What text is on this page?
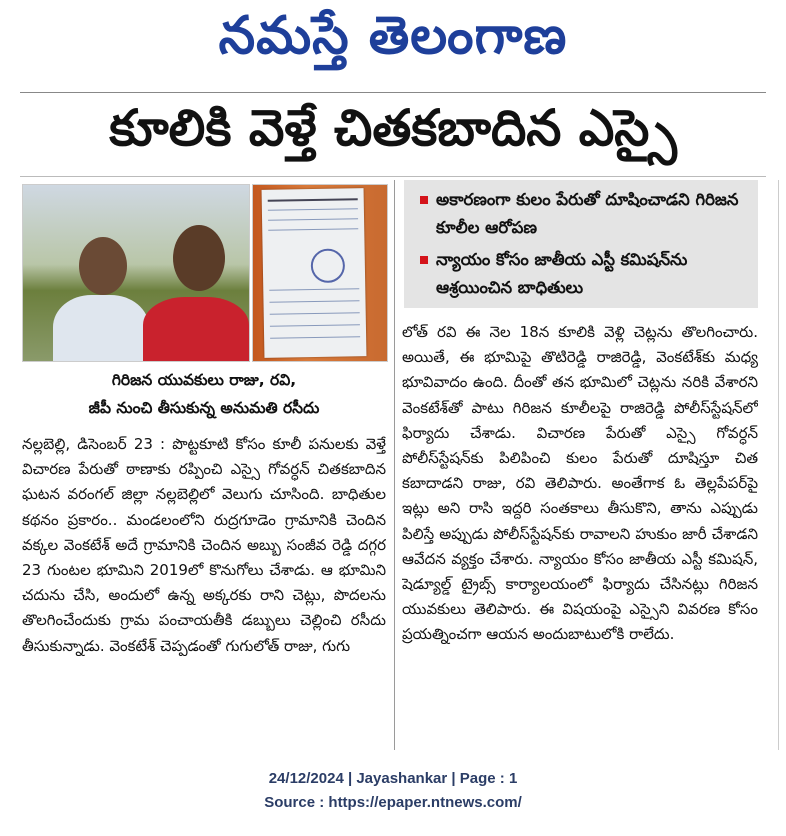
నమస్తే తెలంగాణ
కూలికి వెళ్తే చితకబాదిన ఎస్సై
గిరిజన యువకులు రాజు, రవి,
జీపీ నుంచి తీసుకున్న అనుమతి రసీదు
అకారణంగా కులం పేరుతో దూషించాడని గిరిజన కూలీల ఆరోపణ
న్యాయం కోసం జాతీయ ఎస్టీ కమిషన్‌ను ఆశ్రయించిన బాధితులు
నల్లబెల్లి, డిసెంబర్ 23 : పొట్టకూటి కోసం కూలీ పనులకు వెళ్తే విచారణ పేరుతో ఠాణాకు రప్పించి ఎస్సై గోవర్ధన్ చితకబాదిన ఘటన వరంగల్ జిల్లా నల్లబెల్లిలో వెలుగు చూసింది. బాధితుల కథనం ప్రకారం.. మండలంలోని రుద్రగూడెం గ్రామానికి చెందిన వక్కల వెంకటేశ్ అదే గ్రామానికి చెందిన అబ్బు సంజీవ రెడ్డి దగ్గర 23 గుంటల భూమిని 2019లో కొనుగోలు చేశాడు. ఆ భూమిని చదును చేసి, అందులో ఉన్న అక్కరకు రాని చెట్లు, పొదలను తొలగించేందుకు గ్రామ పంచాయతీకి డబ్బులు చెల్లించి రసీదు తీసుకున్నాడు. వెంకటేశ్ చెప్పడంతో గుగులోత్ రాజు, గుగు
లోత్ రవి ఈ నెల 18న కూలికి వెళ్లి చెట్లను తొలగించారు. అయితే, ఈ భూమిపై తొటిరెడ్డి రాజిరెడ్డి, వెంకటేశ్‌కు మధ్య భూవివాదం ఉంది. దీంతో తన భూమిలో చెట్లను నరికి వేశారని వెంకటేశ్‌తో పాటు గిరిజన కూలీలపై రాజిరెడ్డి పోలీస్‌స్టేషన్‌లో ఫిర్యాదు చేశాడు. విచారణ పేరుతో ఎస్సై గోవర్ధన్ పోలీస్‌స్టేషన్‌కు పిలిపించి కులం పేరుతో దూషిస్తూ చిత కబాదాడని రాజు, రవి తెలిపారు. అంతేగాక ఓ తెల్లపేపర్‌పై ఇట్లు అని రాసి ఇద్దరి సంతకాలు తీసుకొని, తాను ఎప్పుడు పిలిస్తే అప్పుడు పోలీస్‌స్టేషన్‌కు రావాలని హుకుం జారీ చేశాడని ఆవేదన వ్యక్తం చేశారు. న్యాయం కోసం జాతీయ ఎస్టీ కమిషన్, షెడ్యూల్డ్ ట్రైబ్స్ కార్యాలయంలో ఫిర్యాదు చేసినట్లు గిరిజన యువకులు తెలిపారు. ఈ విషయంపై ఎస్సైని వివరణ కోసం ప్రయత్నించగా ఆయన అందుబాటులోకి రాలేదు.
24/12/2024 | Jayashankar | Page : 1
Source : https://epaper.ntnews.com/
